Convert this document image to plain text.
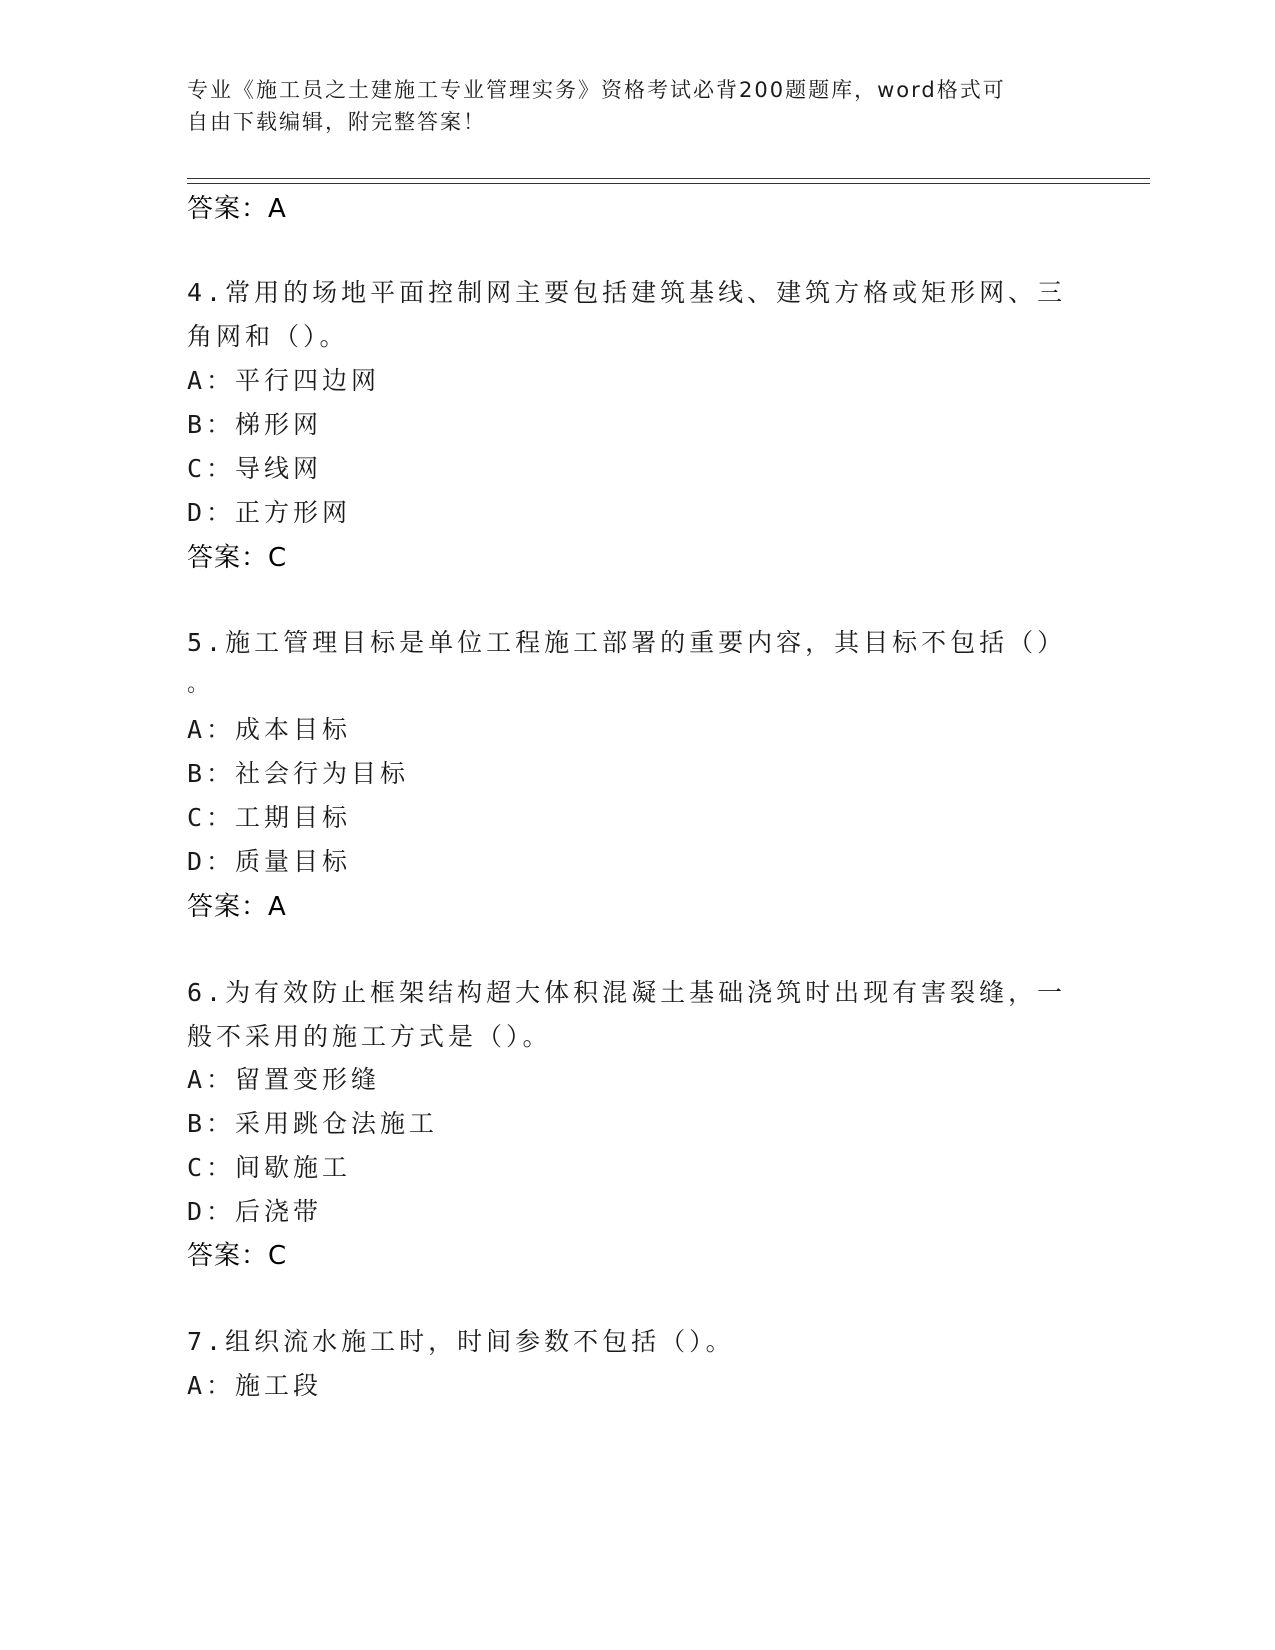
专业《施工员之土建施工专业管理实务》资格考试必背200题题库，word格式可
自由下载编辑，附完整答案！
答案：A
4.常用的场地平面控制网主要包括建筑基线、建筑方格或矩形网、三
角网和（）。
A：平行四边网
B：梯形网
C：导线网
D：正方形网
答案：C
5.施工管理目标是单位工程施工部署的重要内容，其目标不包括（）
。
A：成本目标
B：社会行为目标
C：工期目标
D：质量目标
答案：A
6.为有效防止框架结构超大体积混凝土基础浇筑时出现有害裂缝，一
般不采用的施工方式是（）。
A：留置变形缝
B：采用跳仓法施工
C：间歇施工
D：后浇带
答案：C
7.组织流水施工时，时间参数不包括（）。
A：施工段
